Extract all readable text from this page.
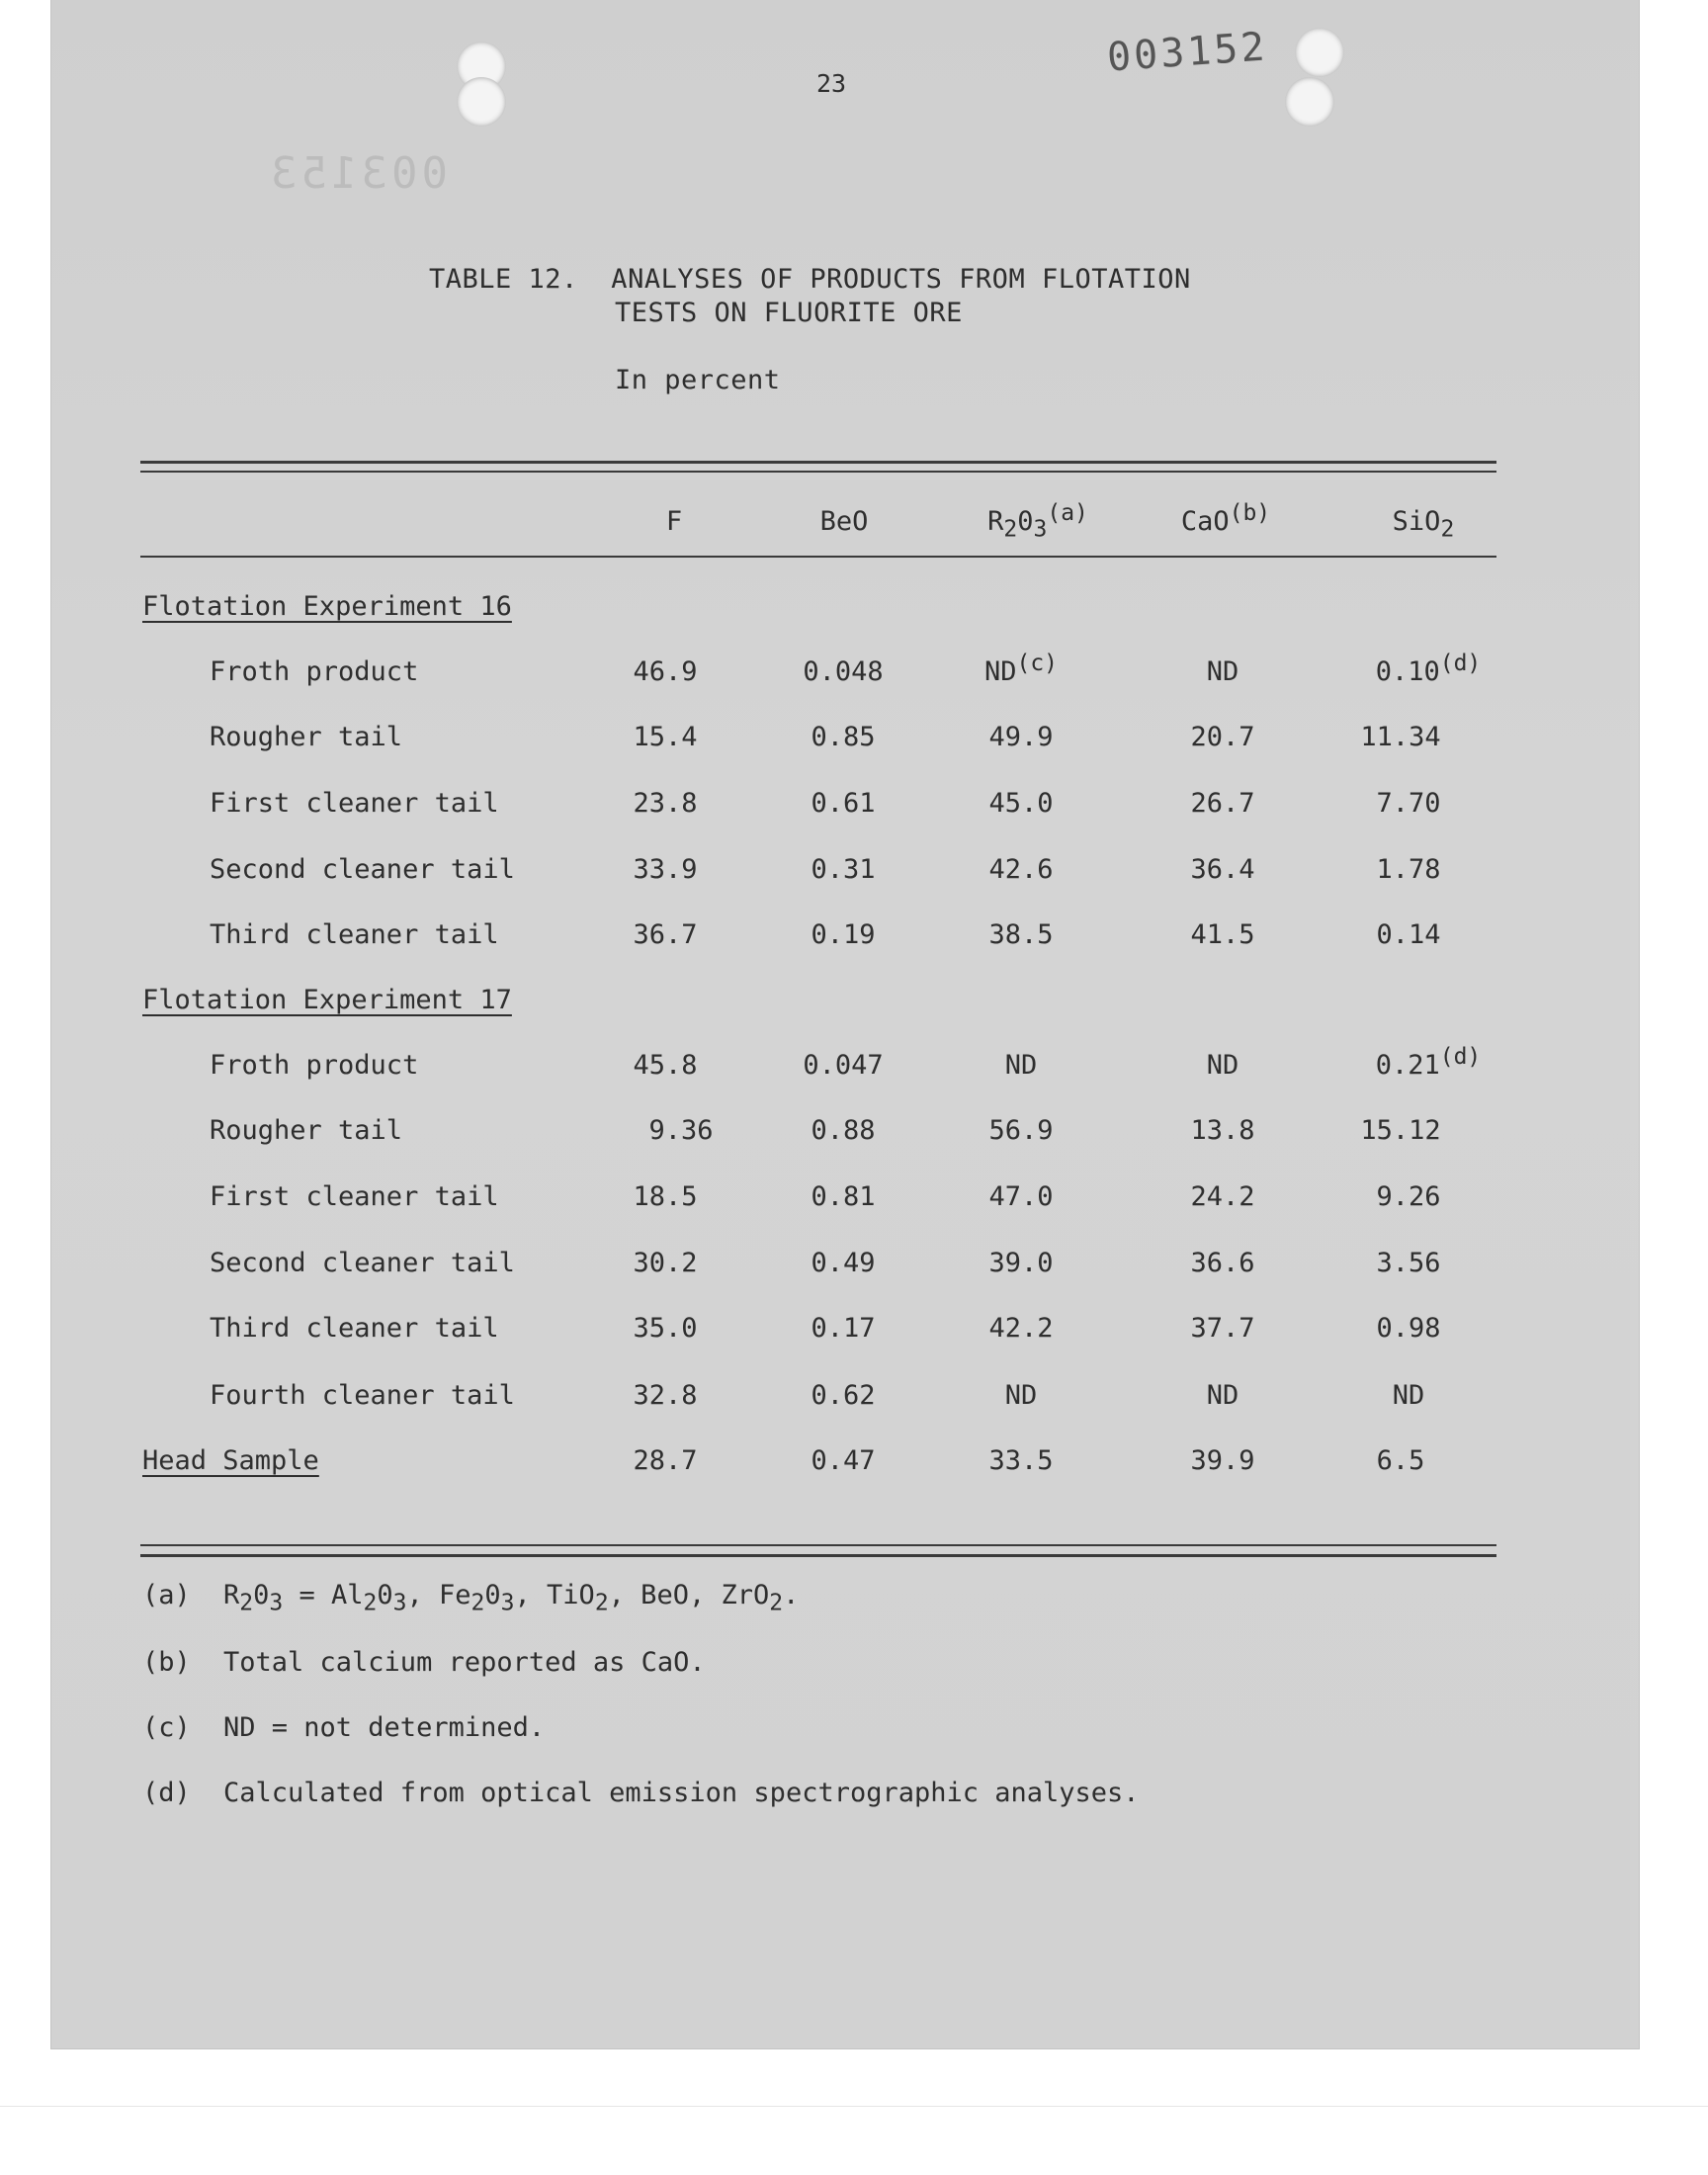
23
003152
003153
TABLE 12.  ANALYSES OF PRODUCTS FROM FLOTATION
TESTS ON FLUORITE ORE
In percent
F	BeO	R203(a)	CaO(b)	SiO2
Flotation Experiment 16
Froth product	46.9	0.048	ND(c)	ND	0.10(d)
Rougher tail	15.4	0.85	49.9	20.7	11.34
First cleaner tail	23.8	0.61	45.0	26.7	7.70
Second cleaner tail	33.9	0.31	42.6	36.4	1.78
Third cleaner tail	36.7	0.19	38.5	41.5	0.14
Flotation Experiment 17
Froth product	45.8	0.047	ND	ND	0.21(d)
Rougher tail	9.36	0.88	56.9	13.8	15.12
First cleaner tail	18.5	0.81	47.0	24.2	9.26
Second cleaner tail	30.2	0.49	39.0	36.6	3.56
Third cleaner tail	35.0	0.17	42.2	37.7	0.98
Fourth cleaner tail	32.8	0.62	ND	ND	ND
Head Sample	28.7	0.47	33.5	39.9	6.5
(a) R203 = Al203, Fe203, TiO2, BeO, ZrO2.
(b) Total calcium reported as CaO.
(c) ND = not determined.
(d) Calculated from optical emission spectrographic analyses.
